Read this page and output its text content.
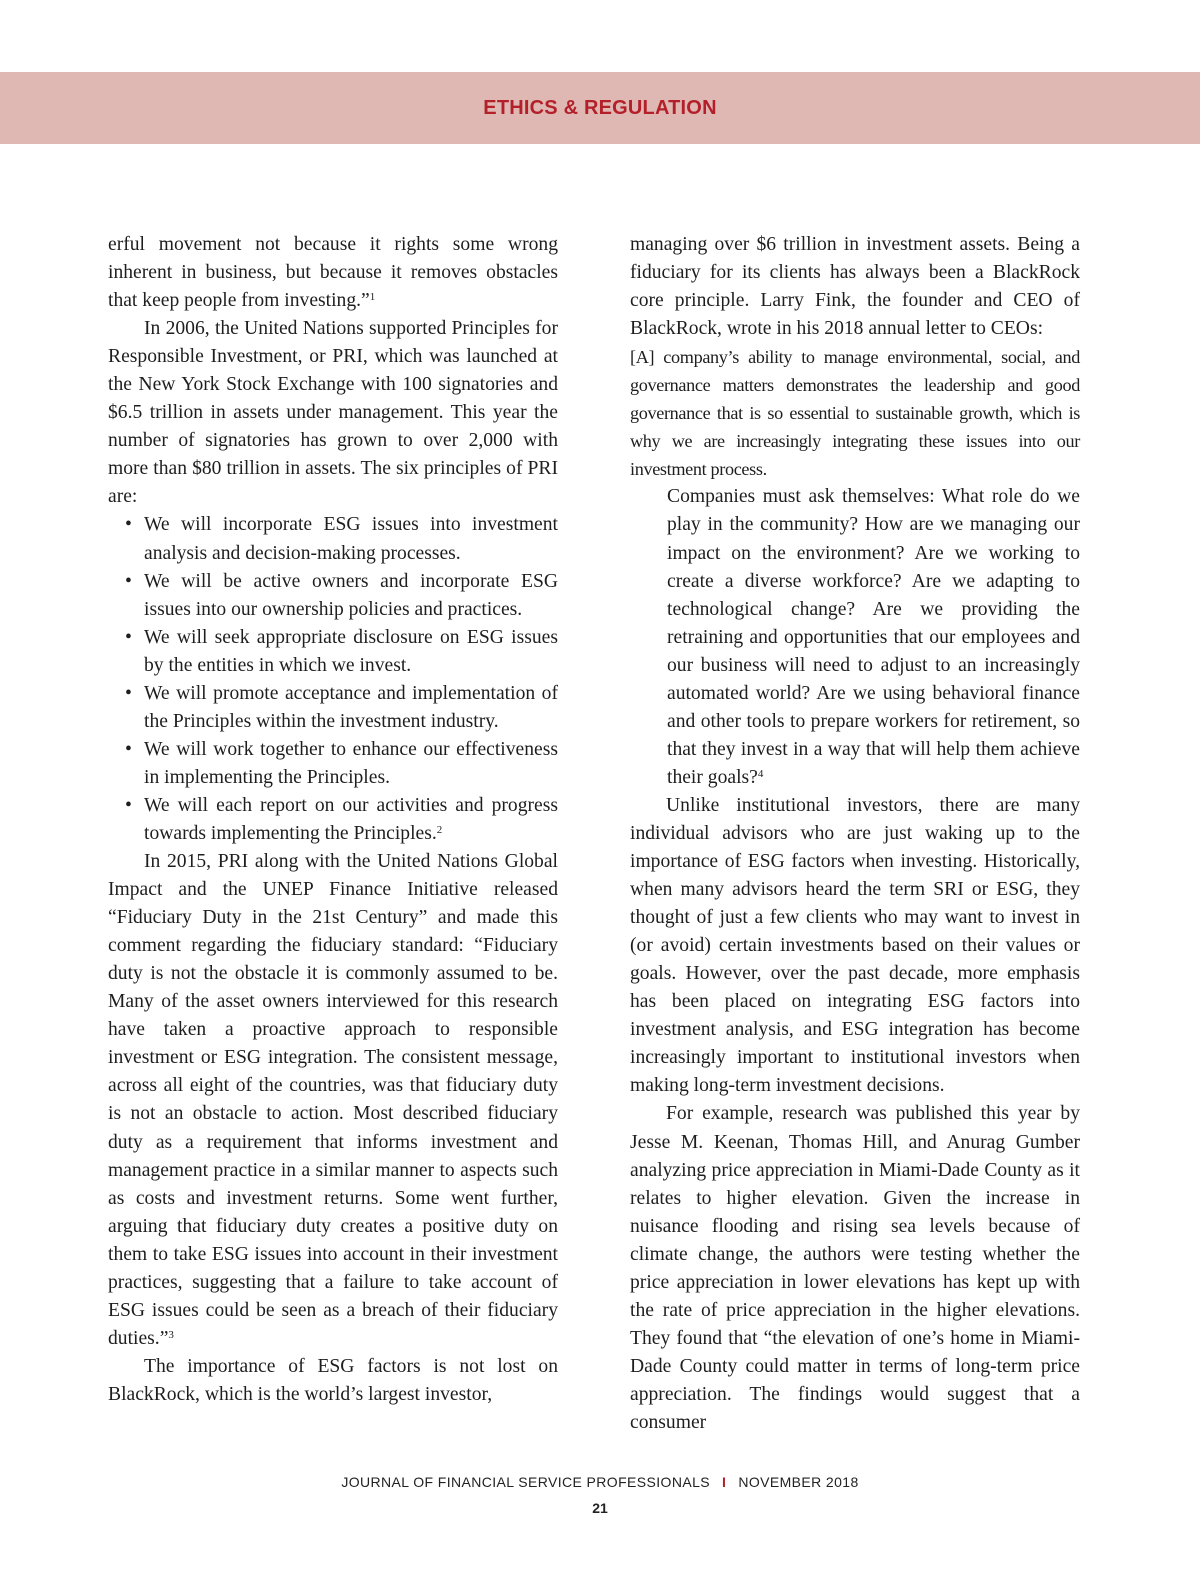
ETHICS & REGULATION

erful movement not because it rights some wrong inherent in business, but because it removes obstacles that keep people from investing.”$^1$

In 2006, the United Nations supported Principles for Responsible Investment, or PRI, which was launched at the New York Stock Exchange with 100 signatories and $6.5 trillion in assets under management. This year the number of signatories has grown to over 2,000 with more than $80 trillion in assets. The six principles of PRI are:

• We will incorporate ESG issues into investment analysis and decision-making processes.
• We will be active owners and incorporate ESG issues into our ownership policies and practices.
• We will seek appropriate disclosure on ESG issues by the entities in which we invest.
• We will promote acceptance and implementation of the Principles within the investment industry.
• We will work together to enhance our effectiveness in implementing the Principles.
• We will each report on our activities and progress towards implementing the Principles.$^2$

In 2015, PRI along with the United Nations Global Impact and the UNEP Finance Initiative released “Fiduciary Duty in the 21st Century” and made this comment regarding the fiduciary standard: “Fiduciary duty is not the obstacle it is commonly assumed to be. Many of the asset owners interviewed for this research have taken a proactive approach to responsible investment or ESG integration. The consistent message, across all eight of the countries, was that fiduciary duty is not an obstacle to action. Most described fiduciary duty as a requirement that informs investment and management practice in a similar manner to aspects such as costs and investment returns. Some went further, arguing that fiduciary duty creates a positive duty on them to take ESG issues into account in their investment practices, suggesting that a failure to take account of ESG issues could be seen as a breach of their fiduciary duties.”$^3$

The importance of ESG factors is not lost on BlackRock, which is the world’s largest investor,

managing over $6 trillion in investment assets. Being a fiduciary for its clients has always been a BlackRock core principle. Larry Fink, the founder and CEO of BlackRock, wrote in his 2018 annual letter to CEOs:

[A] company’s ability to manage environmental, social, and governance matters demonstrates the leadership and good governance that is so essential to sustainable growth, which is why we are increasingly integrating these issues into our investment process.

Companies must ask themselves: What role do we play in the community? How are we managing our impact on the environment? Are we working to create a diverse workforce? Are we adapting to technological change? Are we providing the retraining and opportunities that our employees and our business will need to adjust to an increasingly automated world? Are we using behavioral finance and other tools to prepare workers for retirement, so that they invest in a way that will help them achieve their goals?$^4$

Unlike institutional investors, there are many individual advisors who are just waking up to the importance of ESG factors when investing. Historically, when many advisors heard the term SRI or ESG, they thought of just a few clients who may want to invest in (or avoid) certain investments based on their values or goals. However, over the past decade, more emphasis has been placed on integrating ESG factors into investment analysis, and ESG integration has become increasingly important to institutional investors when making long-term investment decisions.

For example, research was published this year by Jesse M. Keenan, Thomas Hill, and Anurag Gumber analyzing price appreciation in Miami-Dade County as it relates to higher elevation. Given the increase in nuisance flooding and rising sea levels because of climate change, the authors were testing whether the price appreciation in lower elevations has kept up with the rate of price appreciation in the higher elevations. They found that “the elevation of one’s home in Miami-Dade County could matter in terms of long-term price appreciation. The findings would suggest that a consumer

JOURNAL OF FINANCIAL SERVICE PROFESSIONALS I NOVEMBER 2018
21
